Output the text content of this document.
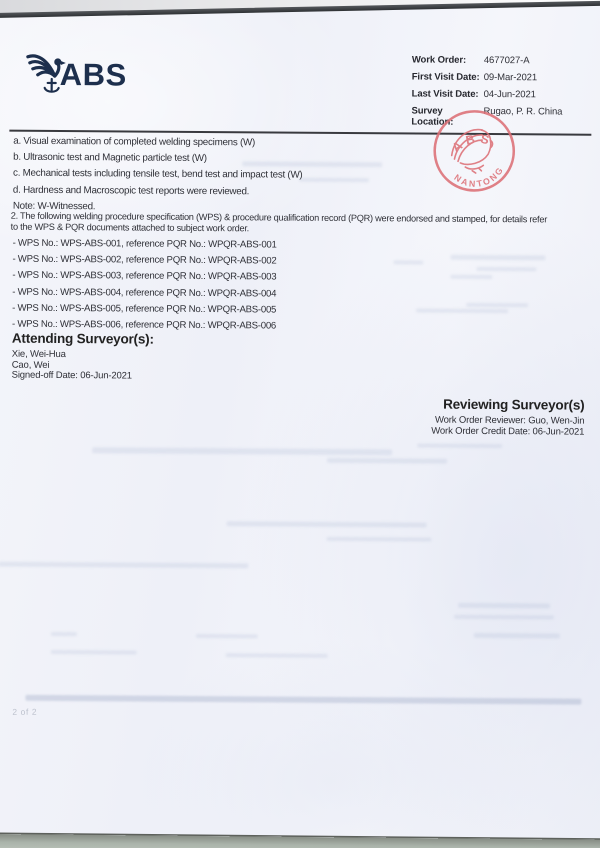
ABS	Work Order:	4677027-A
First Visit Date: 09-Mar-2021
Last Visit Date: 04-Jun-2021
Survey
Location:
Rugao, P. R. China
a. Visual examination of completed welding specimens (W)
b. Ultrasonic test and Magnetic particle test (W)
c. Mechanical tests including tensile test, bend test and impact test (W)
d. Hardness and Macroscopic test reports were reviewed.
Note: W-Witnessed.
2. The following welding procedure specification (WPS) & procedure qualification record (PQR) were endorsed and stamped, for details refer
to the WPS & PQR documents attached to subject work order.
- WPS No.: WPS-ABS-001, reference PQR No.: WPQR-ABS-001
- WPS No.: WPS-ABS-002, reference PQR No.: WPQR-ABS-002
- WPS No.: WPS-ABS-003, reference PQR No.: WPQR-ABS-003
- WPS No.: WPS-ABS-004, reference PQR No.: WPQR-ABS-004
- WPS No.: WPS-ABS-005, reference PQR No.: WPQR-ABS-005
- WPS No.: WPS-ABS-006, reference PQR No.: WPQR-ABS-006
Attending Surveyor(s):
Xie, Wei-Hua
Cao, Wei
Signed-off Date: 06-Jun-2021
Reviewing Surveyor(s)
Work Order Reviewer: Guo, Wen-Jin
Work Order Credit Date: 06-Jun-2021
2 of 2
ABS
NANTONG
